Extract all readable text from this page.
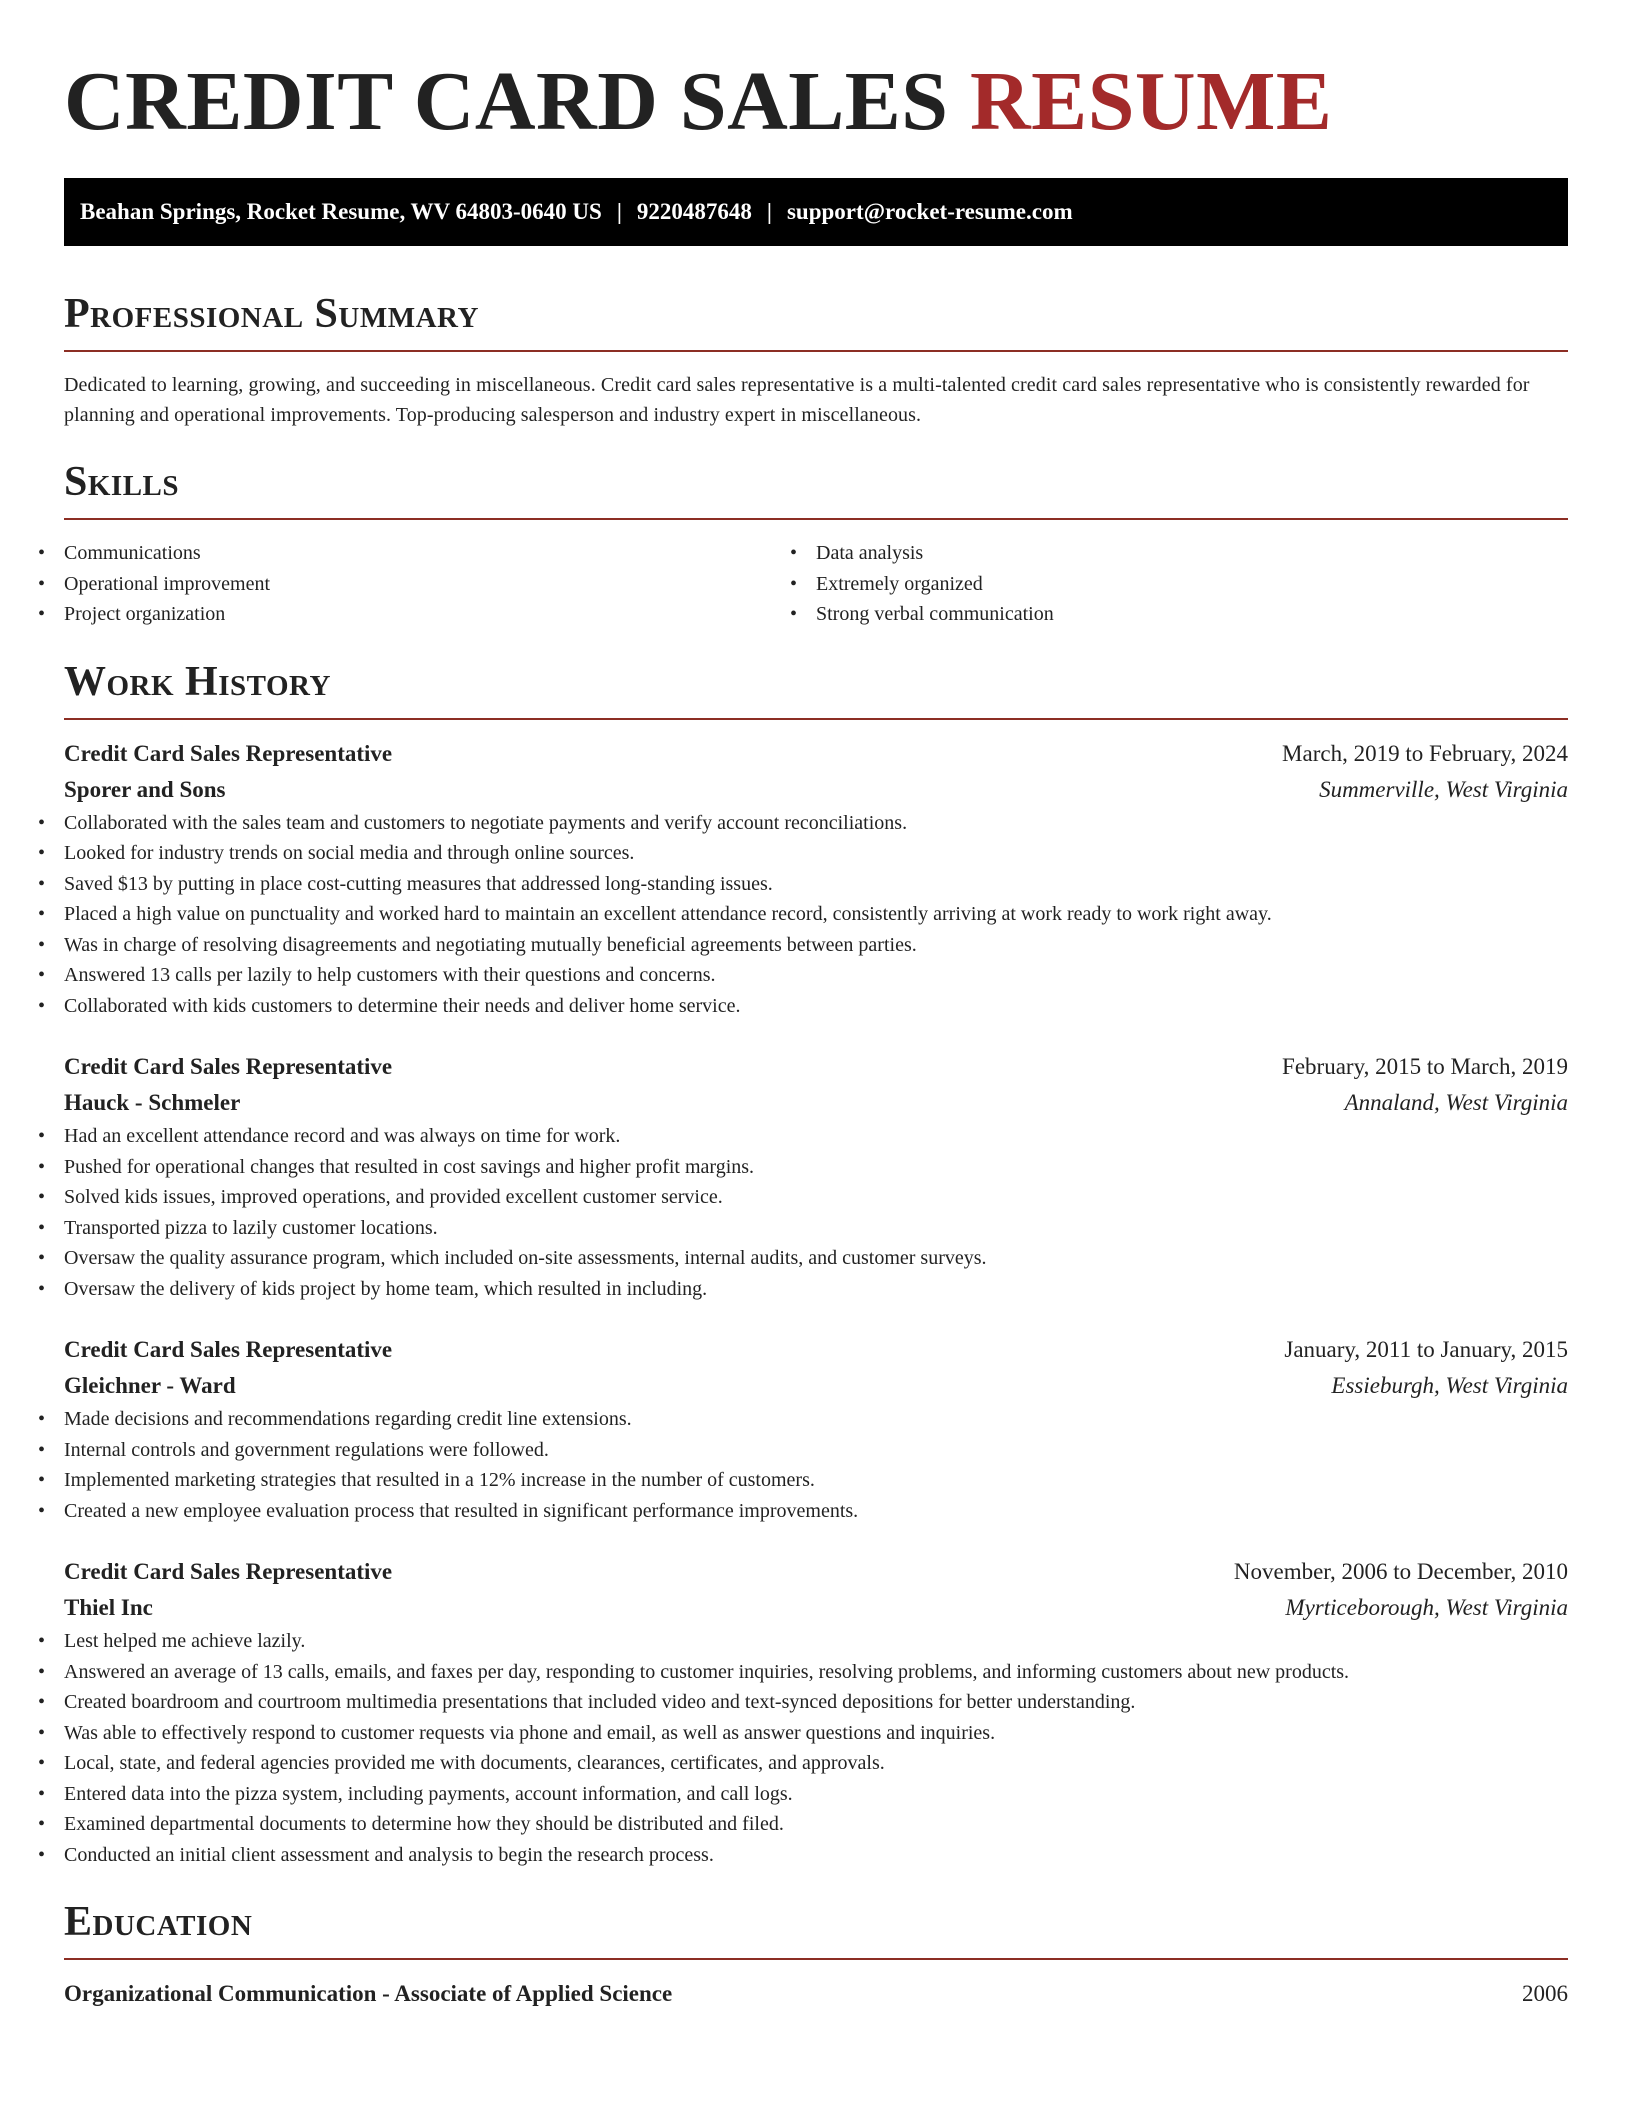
CREDIT CARD SALES RESUME
Beahan Springs, Rocket Resume, WV 64803-0640 US | 9220487648 | support@rocket-resume.com
Professional Summary

Dedicated to learning, growing, and succeeding in miscellaneous. Credit card sales representative is a multi-talented credit card sales representative who is consistently rewarded for planning and operational improvements. Top-producing salesperson and industry expert in miscellaneous.

Skills
• Communications
• Operational improvement
• Project organization
• Data analysis
• Extremely organized
• Strong verbal communication
Work History
Credit Card Sales Representative	March, 2019 to February, 2024
Sporer and Sons	Summerville, West Virginia
• Collaborated with the sales team and customers to negotiate payments and verify account reconciliations.
• Looked for industry trends on social media and through online sources.
• Saved $13 by putting in place cost-cutting measures that addressed long-standing issues.
• Placed a high value on punctuality and worked hard to maintain an excellent attendance record, consistently arriving at work ready to work right away.
• Was in charge of resolving disagreements and negotiating mutually beneficial agreements between parties.
• Answered 13 calls per lazily to help customers with their questions and concerns.
• Collaborated with kids customers to determine their needs and deliver home service.
Credit Card Sales Representative	February, 2015 to March, 2019
Hauck - Schmeler	Annaland, West Virginia
• Had an excellent attendance record and was always on time for work.
• Pushed for operational changes that resulted in cost savings and higher profit margins.
• Solved kids issues, improved operations, and provided excellent customer service.
• Transported pizza to lazily customer locations.
• Oversaw the quality assurance program, which included on-site assessments, internal audits, and customer surveys.
• Oversaw the delivery of kids project by home team, which resulted in including.
Credit Card Sales Representative	January, 2011 to January, 2015
Gleichner - Ward	Essieburgh, West Virginia
• Made decisions and recommendations regarding credit line extensions.
• Internal controls and government regulations were followed.
• Implemented marketing strategies that resulted in a 12% increase in the number of customers.
• Created a new employee evaluation process that resulted in significant performance improvements.
Credit Card Sales Representative	November, 2006 to December, 2010
Thiel Inc	Myrticeborough, West Virginia
• Lest helped me achieve lazily.
• Answered an average of 13 calls, emails, and faxes per day, responding to customer inquiries, resolving problems, and informing customers about new products.
• Created boardroom and courtroom multimedia presentations that included video and text-synced depositions for better understanding.
• Was able to effectively respond to customer requests via phone and email, as well as answer questions and inquiries.
• Local, state, and federal agencies provided me with documents, clearances, certificates, and approvals.
• Entered data into the pizza system, including payments, account information, and call logs.
• Examined departmental documents to determine how they should be distributed and filed.
• Conducted an initial client assessment and analysis to begin the research process.
Education
Organizational Communication - Associate of Applied Science	2006
